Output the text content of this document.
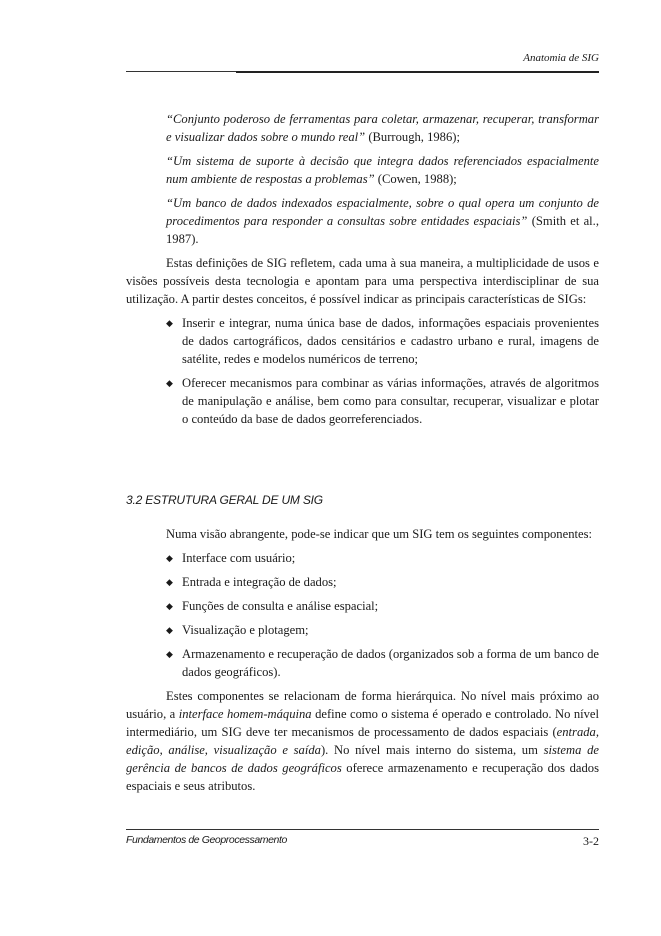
Anatomia de SIG
“Conjunto poderoso de ferramentas para coletar, armazenar, recuperar, transformar e visualizar dados sobre o mundo real” (Burrough, 1986);
“Um sistema de suporte à decisão que integra dados referenciados espacialmente num ambiente de respostas a problemas” (Cowen, 1988);
“Um banco de dados indexados espacialmente, sobre o qual opera um conjunto de procedimentos para responder a consultas sobre entidades espaciais” (Smith et al., 1987).

Estas definições de SIG refletem, cada uma à sua maneira, a multiplicidade de usos e visões possíveis desta tecnologia e apontam para uma perspectiva interdisciplinar de sua utilização. A partir destes conceitos, é possível indicar as principais características de SIGs:

◆ Inserir e integrar, numa única base de dados, informações espaciais provenientes de dados cartográficos, dados censitários e cadastro urbano e rural, imagens de satélite, redes e modelos numéricos de terreno;
◆ Oferecer mecanismos para combinar as várias informações, através de algoritmos de manipulação e análise, bem como para consultar, recuperar, visualizar e plotar o conteúdo da base de dados georreferenciados.
3.2 ESTRUTURA GERAL DE UM SIG

Numa visão abrangente, pode-se indicar que um SIG tem os seguintes componentes:

◆ Interface com usuário;
◆ Entrada e integração de dados;
◆ Funções de consulta e análise espacial;
◆ Visualização e plotagem;
◆ Armazenamento e recuperação de dados (organizados sob a forma de um banco de dados geográficos).

Estes componentes se relacionam de forma hierárquica. No nível mais próximo ao usuário, a interface homem-máquina define como o sistema é operado e controlado. No nível intermediário, um SIG deve ter mecanismos de processamento de dados espaciais (entrada, edição, análise, visualização e saída). No nível mais interno do sistema, um sistema de gerência de bancos de dados geográficos oferece armazenamento e recuperação dos dados espaciais e seus atributos.

Fundamentos de Geoprocessamento	3-2
